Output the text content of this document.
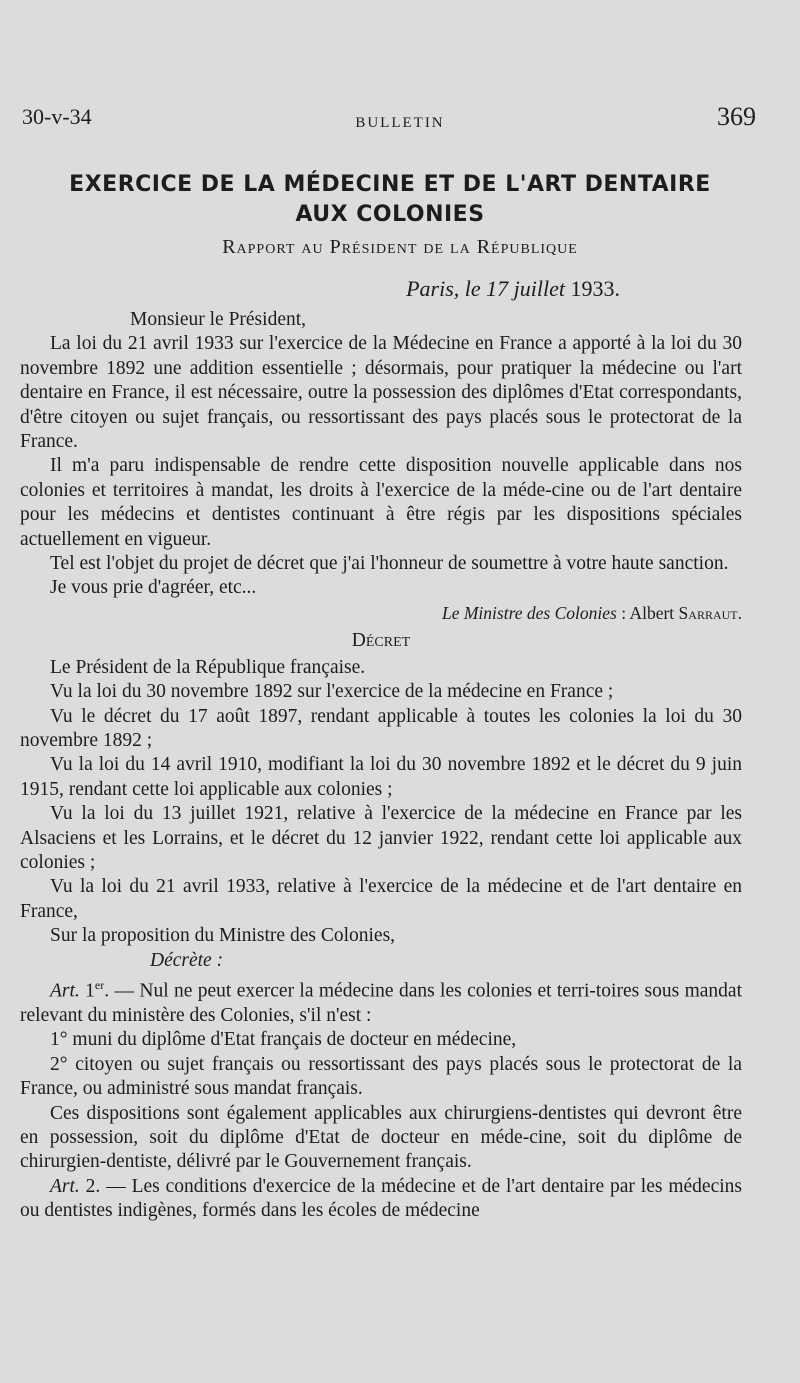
30-v-34	BULLETIN	369
EXERCICE DE LA MÉDECINE ET DE L'ART DENTAIRE
AUX COLONIES
Rapport au Président de la République
Paris, le 17 juillet 1933.

Monsieur le Président,

La loi du 21 avril 1933 sur l'exercice de la Médecine en France a apporté à la loi du 30 novembre 1892 une addition essentielle ; désormais, pour pratiquer la médecine ou l'art dentaire en France, il est nécessaire, outre la possession des diplômes d'Etat correspondants, d'être citoyen ou sujet français, ou ressortissant des pays placés sous le protectorat de la France.

Il m'a paru indispensable de rendre cette disposition nouvelle applicable dans nos colonies et territoires à mandat, les droits à l'exercice de la méde-cine ou de l'art dentaire pour les médecins et dentistes continuant à être régis par les dispositions spéciales actuellement en vigueur.

Tel est l'objet du projet de décret que j'ai l'honneur de soumettre à votre haute sanction.

Je vous prie d'agréer, etc...

Le Ministre des Colonies : Albert Sarraut.

Décret

Le Président de la République française.

Vu la loi du 30 novembre 1892 sur l'exercice de la médecine en France ;

Vu le décret du 17 août 1897, rendant applicable à toutes les colonies la loi du 30 novembre 1892 ;

Vu la loi du 14 avril 1910, modifiant la loi du 30 novembre 1892 et le décret du 9 juin 1915, rendant cette loi applicable aux colonies ;

Vu la loi du 13 juillet 1921, relative à l'exercice de la médecine en France par les Alsaciens et les Lorrains, et le décret du 12 janvier 1922, rendant cette loi applicable aux colonies ;

Vu la loi du 21 avril 1933, relative à l'exercice de la médecine et de l'art dentaire en France,

Sur la proposition du Ministre des Colonies,

Décrète :

Art. 1er. — Nul ne peut exercer la médecine dans les colonies et terri-toires sous mandat relevant du ministère des Colonies, s'il n'est :

1° muni du diplôme d'Etat français de docteur en médecine,

2° citoyen ou sujet français ou ressortissant des pays placés sous le protectorat de la France, ou administré sous mandat français.

Ces dispositions sont également applicables aux chirurgiens-dentistes qui devront être en possession, soit du diplôme d'Etat de docteur en méde-cine, soit du diplôme de chirurgien-dentiste, délivré par le Gouvernement français.

Art. 2. — Les conditions d'exercice de la médecine et de l'art dentaire par les médecins ou dentistes indigènes, formés dans les écoles de médecine
